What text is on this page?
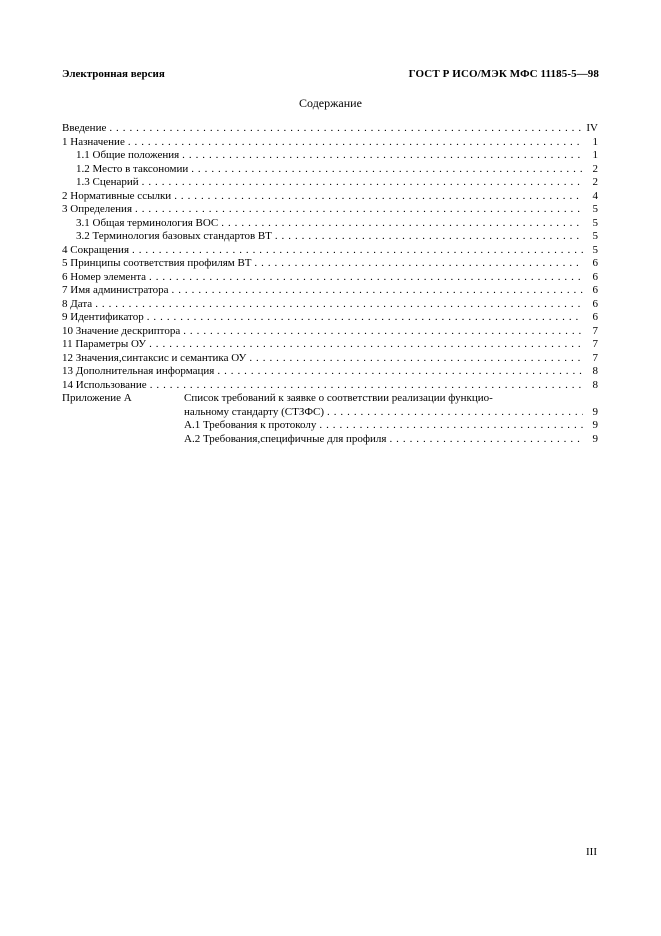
Электронная версия	ГОСТ Р ИСО/МЭК МФС 11185-5—98
Содержание
Введение . . .	IV
1 Назначение . . .	1
1.1 Общие положения . . .	1
1.2 Место в таксономии . . .	2
1.3 Сценарий . . .	2
2 Нормативные ссылки . . .	4
3 Определения . . .	5
3.1 Общая терминология ВОС . . .	5
3.2 Терминология базовых стандартов ВТ . . .	5
4 Сокращения . . .	5
5 Принципы соответствия профилям ВТ . . .	6
6 Номер элемента . . .	6
7 Имя администратора . . .	6
8 Дата . . .	6
9 Идентификатор . . .	6
10 Значение дескриптора . . .	7
11 Параметры ОУ . . .	7
12 Значения,синтаксис и семантика ОУ . . .	7
13 Дополнительная информация . . .	8
14 Использование . . .	8
Приложение А	Список требований к заявке о соответствии реализации функцио-
нальному стандарту (СТЗФС) . . .	9
А.1 Требования к протоколу . . .	9
А.2 Требования,специфичные для профиля . . .	9
III
